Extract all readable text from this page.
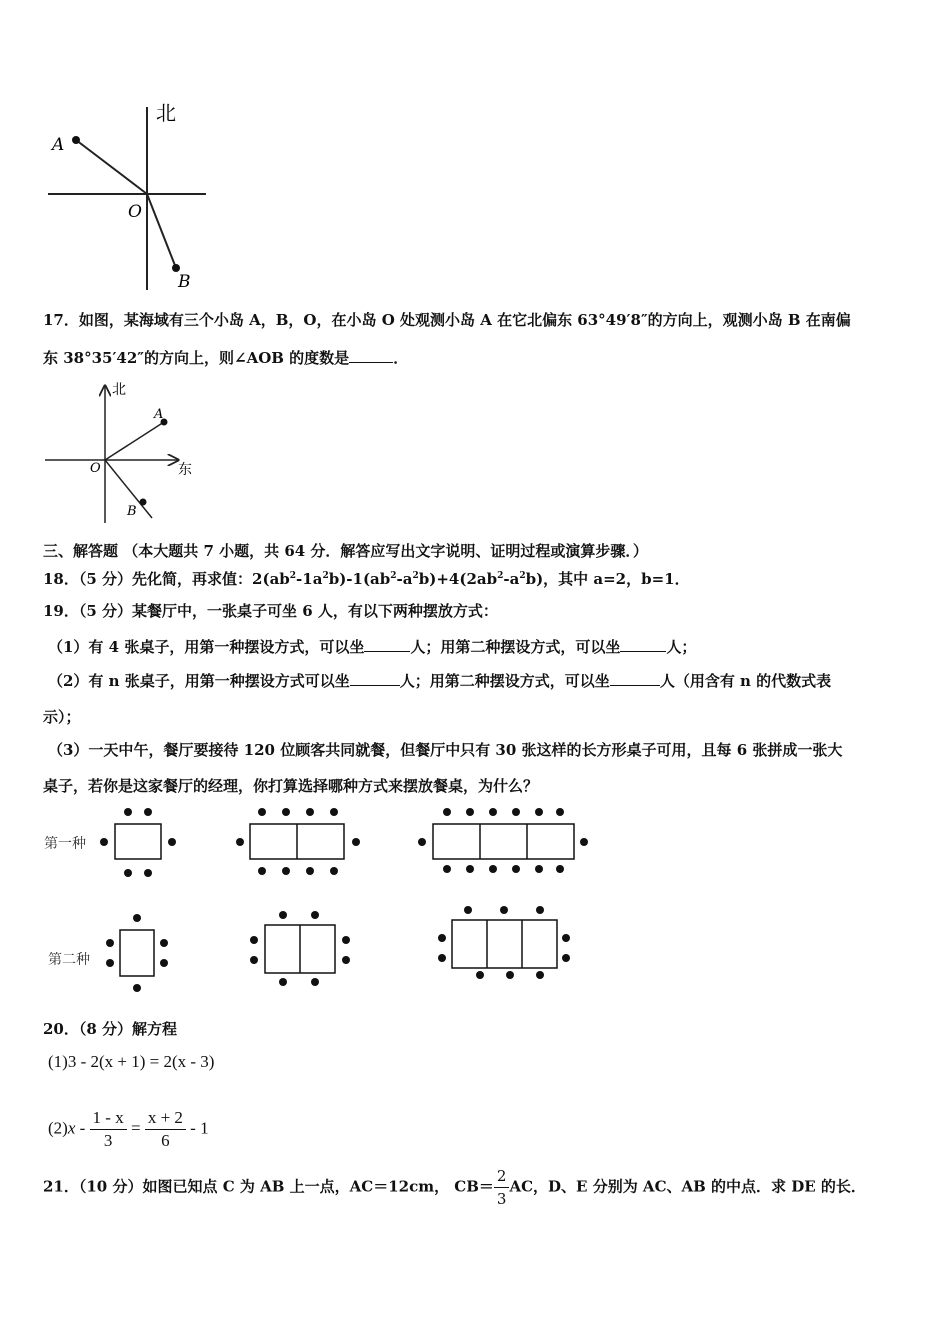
北
A
O
B
17．如图，某海域有三个小岛 A，B，O，在小岛 O 处观测小岛 A 在它北偏东 63°49′8″的方向上，观测小岛 B 在南偏
东 38°35′42″的方向上，则∠AOB 的度数是	．
北
东
A
O
B
三、解答题 （本大题共 7 小题，共 64 分．解答应写出文字说明、证明过程或演算步骤．）
18．（5 分）先化简，再求值：$2(ab^2-1a^2b)-1(ab^2-a^2b)+4(2ab^2-a^2b)$，其中 a=2，b=1．
19．（5 分）某餐厅中，一张桌子可坐 6 人，有以下两种摆放方式：
（1）有 4 张桌子，用第一种摆设方式，可以坐	人；用第二种摆设方式，可以坐	人；
（2）有 n 张桌子，用第一种摆设方式可以坐	人；用第二种摆设方式，可以坐	人（用含有 n 的代数式表
示）；
（3）一天中午，餐厅要接待 120 位顾客共同就餐，但餐厅中只有 30 张这样的长方形桌子可用，且每 6 张拼成一张大
桌子，若你是这家餐厅的经理，你打算选择哪种方式来摆放餐桌，为什么？
第一种
第二种
20．（8 分）解方程
(1)3 - 2(x + 1) = 2(x - 3)
$(2)x - \frac{1 - x}{3} = \frac{x + 2}{6} - 1$
21．（10 分）如图已知点 C 为 AB 上一点，AC＝12cm， $CB= \frac{2}{3}$ AC，D、E 分别为 AC、AB 的中点．求 DE 的长．
